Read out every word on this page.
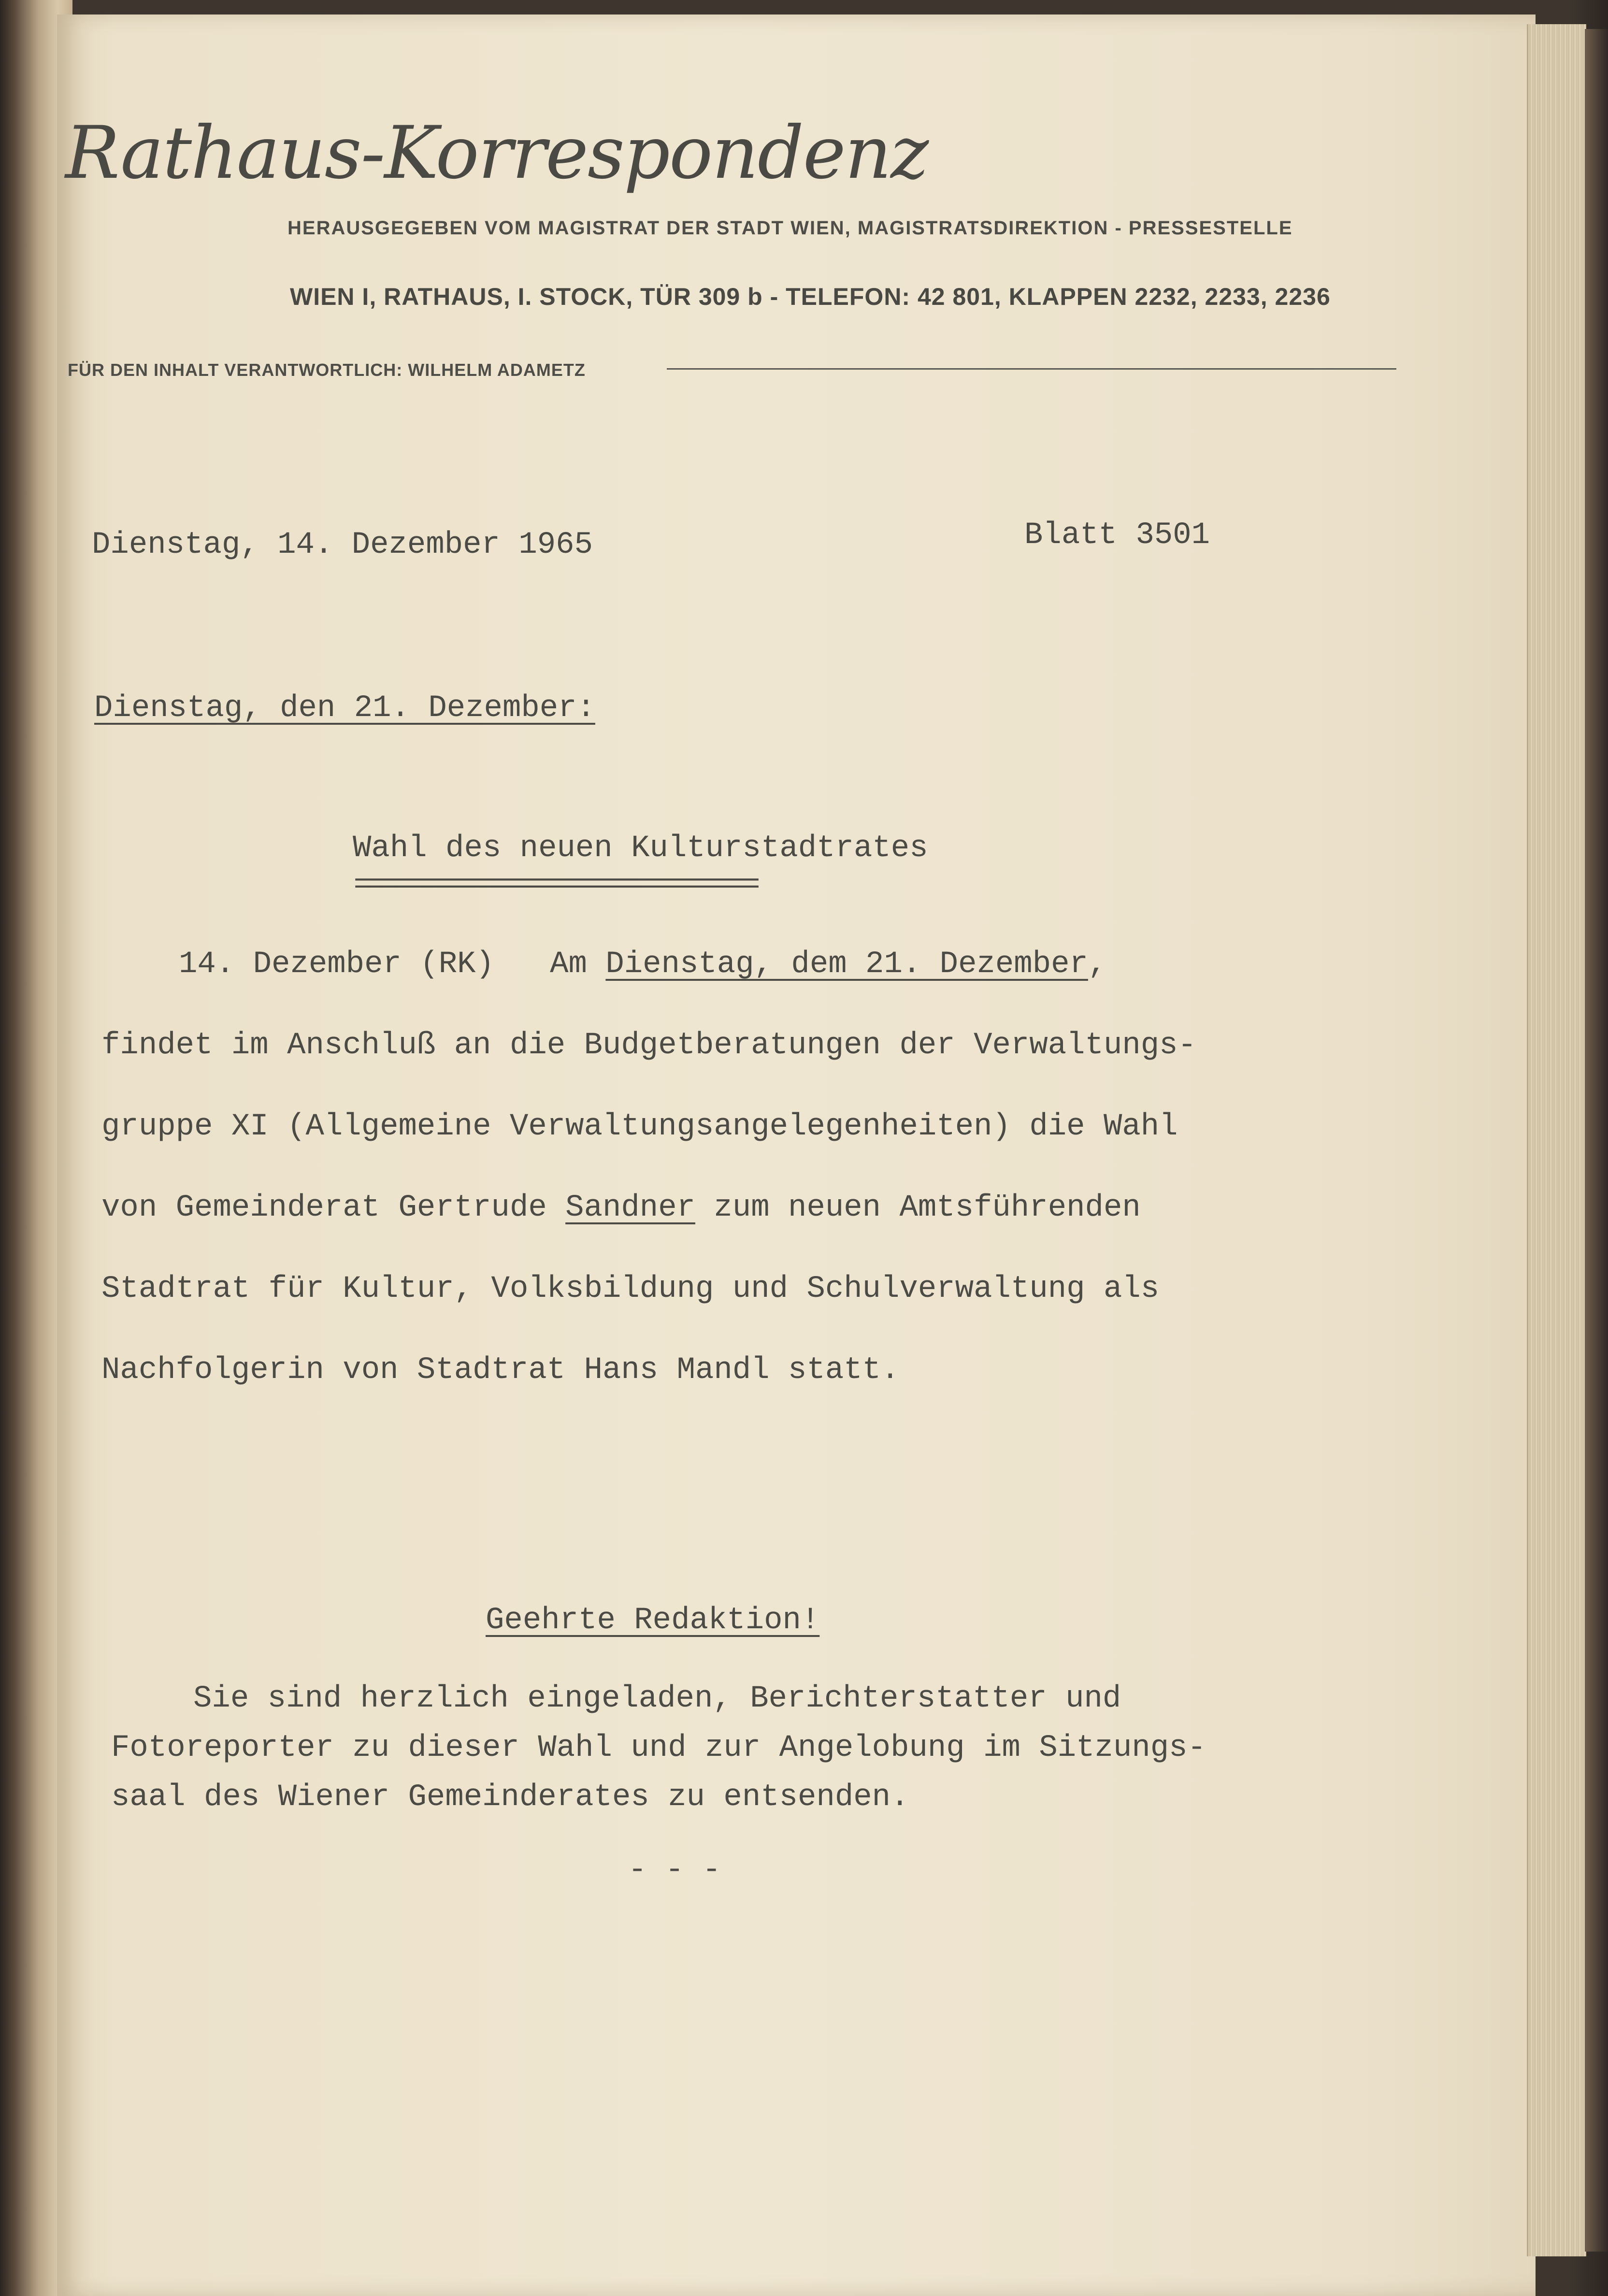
Rathaus-Korrespondenz
HERAUSGEGEBEN VOM MAGISTRAT DER STADT WIEN, MAGISTRATSDIREKTION - PRESSESTELLE
WIEN I, RATHAUS, I. STOCK, TÜR 309 b - TELEFON: 42 801, KLAPPEN 2232, 2233, 2236
FÜR DEN INHALT VERANTWORTLICH: WILHELM ADAMETZ
Dienstag, 14. Dezember 1965	Blatt 3501
Dienstag, den 21. Dezember:
Wahl des neuen Kulturstadtrates
==============================
14. Dezember (RK) Am Dienstag, dem 21. Dezember,
findet im Anschluß an die Budgetberatungen der Verwaltungs-
gruppe XI (Allgemeine Verwaltungsangelegenheiten) die Wahl
von Gemeinderat Gertrude Sandner zum neuen Amtsführenden
Stadtrat für Kultur, Volksbildung und Schulverwaltung als
Nachfolgerin von Stadtrat Hans Mandl statt.
Geehrte Redaktion!
Sie sind herzlich eingeladen, Berichterstatter und
Fotoreporter zu dieser Wahl und zur Angelobung im Sitzungs-
saal des Wiener Gemeinderates zu entsenden.
- - -
